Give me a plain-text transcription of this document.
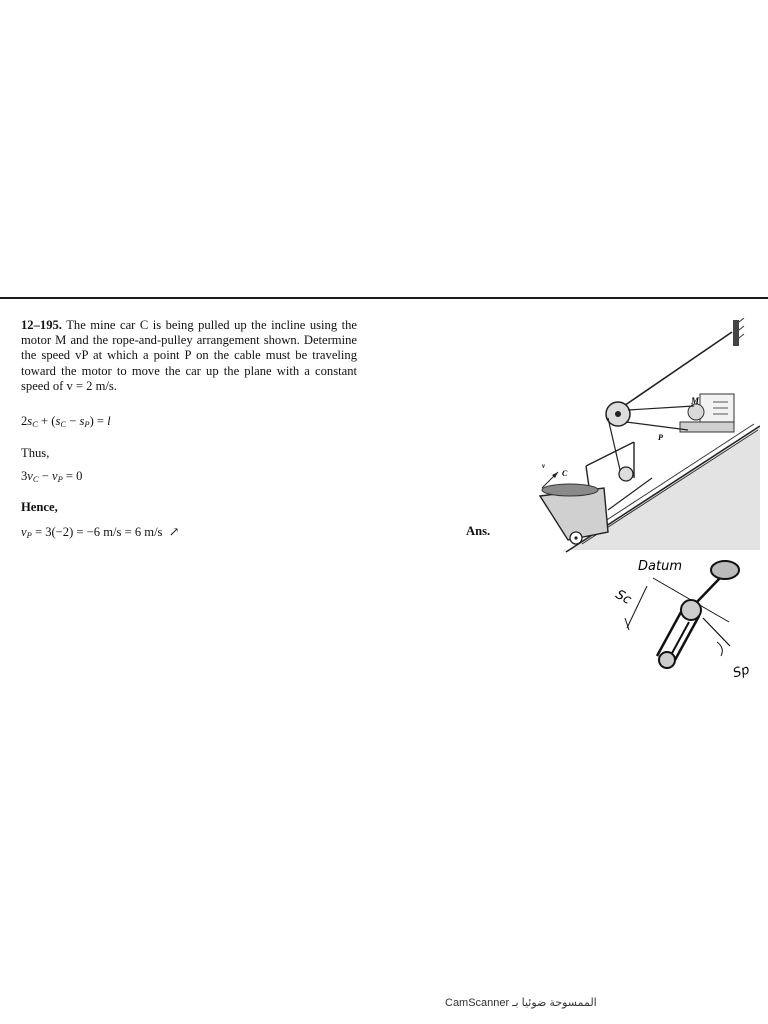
12–195. The mine car C is being pulled up the incline using the motor M and the rope-and-pulley arrangement shown. Determine the speed vP at which a point P on the cable must be traveling toward the motor to move the car up the plane with a constant speed of v = 2 m/s.
$2s_C + (s_C - s_P) = l$
Thus,
$3v_C - v_P = 0$
Hence,
$v_P = 3(-2) = -6$ m/s = 6 m/s  ↗	Ans.
M
P
v
C
Datum
Sc
Sp
CamScanner الممسوحة ضوئيا بـ
